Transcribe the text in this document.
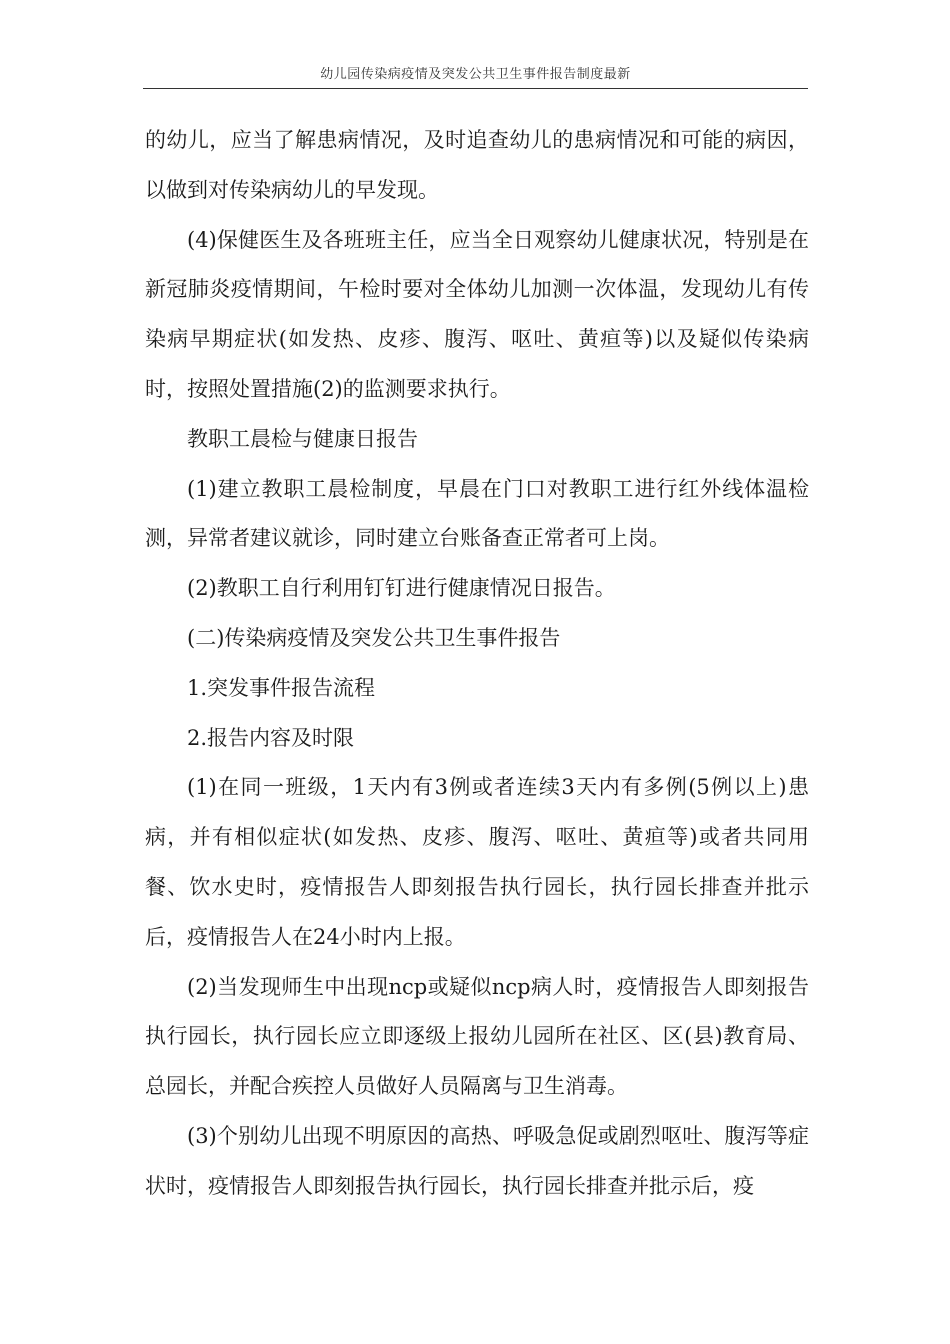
幼儿园传染病疫情及突发公共卫生事件报告制度最新

的幼儿，应当了解患病情况，及时追查幼儿的患病情况和可能的病因，以做到对传染病幼儿的早发现。

(4)保健医生及各班班主任，应当全日观察幼儿健康状况，特别是在新冠肺炎疫情期间，午检时要对全体幼儿加测一次体温，发现幼儿有传染病早期症状(如发热、皮疹、腹泻、呕吐、黄疸等)以及疑似传染病时，按照处置措施(2)的监测要求执行。

教职工晨检与健康日报告

(1)建立教职工晨检制度，早晨在门口对教职工进行红外线体温检测，异常者建议就诊，同时建立台账备查正常者可上岗。

(2)教职工自行利用钉钉进行健康情况日报告。

(二)传染病疫情及突发公共卫生事件报告

1.突发事件报告流程

2.报告内容及时限

(1)在同一班级，1天内有3例或者连续3天内有多例(5例以上)患病，并有相似症状(如发热、皮疹、腹泻、呕吐、黄疸等)或者共同用餐、饮水史时，疫情报告人即刻报告执行园长，执行园长排查并批示后，疫情报告人在24小时内上报。

(2)当发现师生中出现ncp或疑似ncp病人时，疫情报告人即刻报告执行园长，执行园长应立即逐级上报幼儿园所在社区、区(县)教育局、总园长，并配合疾控人员做好人员隔离与卫生消毒。

(3)个别幼儿出现不明原因的高热、呼吸急促或剧烈呕吐、腹泻等症状时，疫情报告人即刻报告执行园长，执行园长排查并批示后，疫
